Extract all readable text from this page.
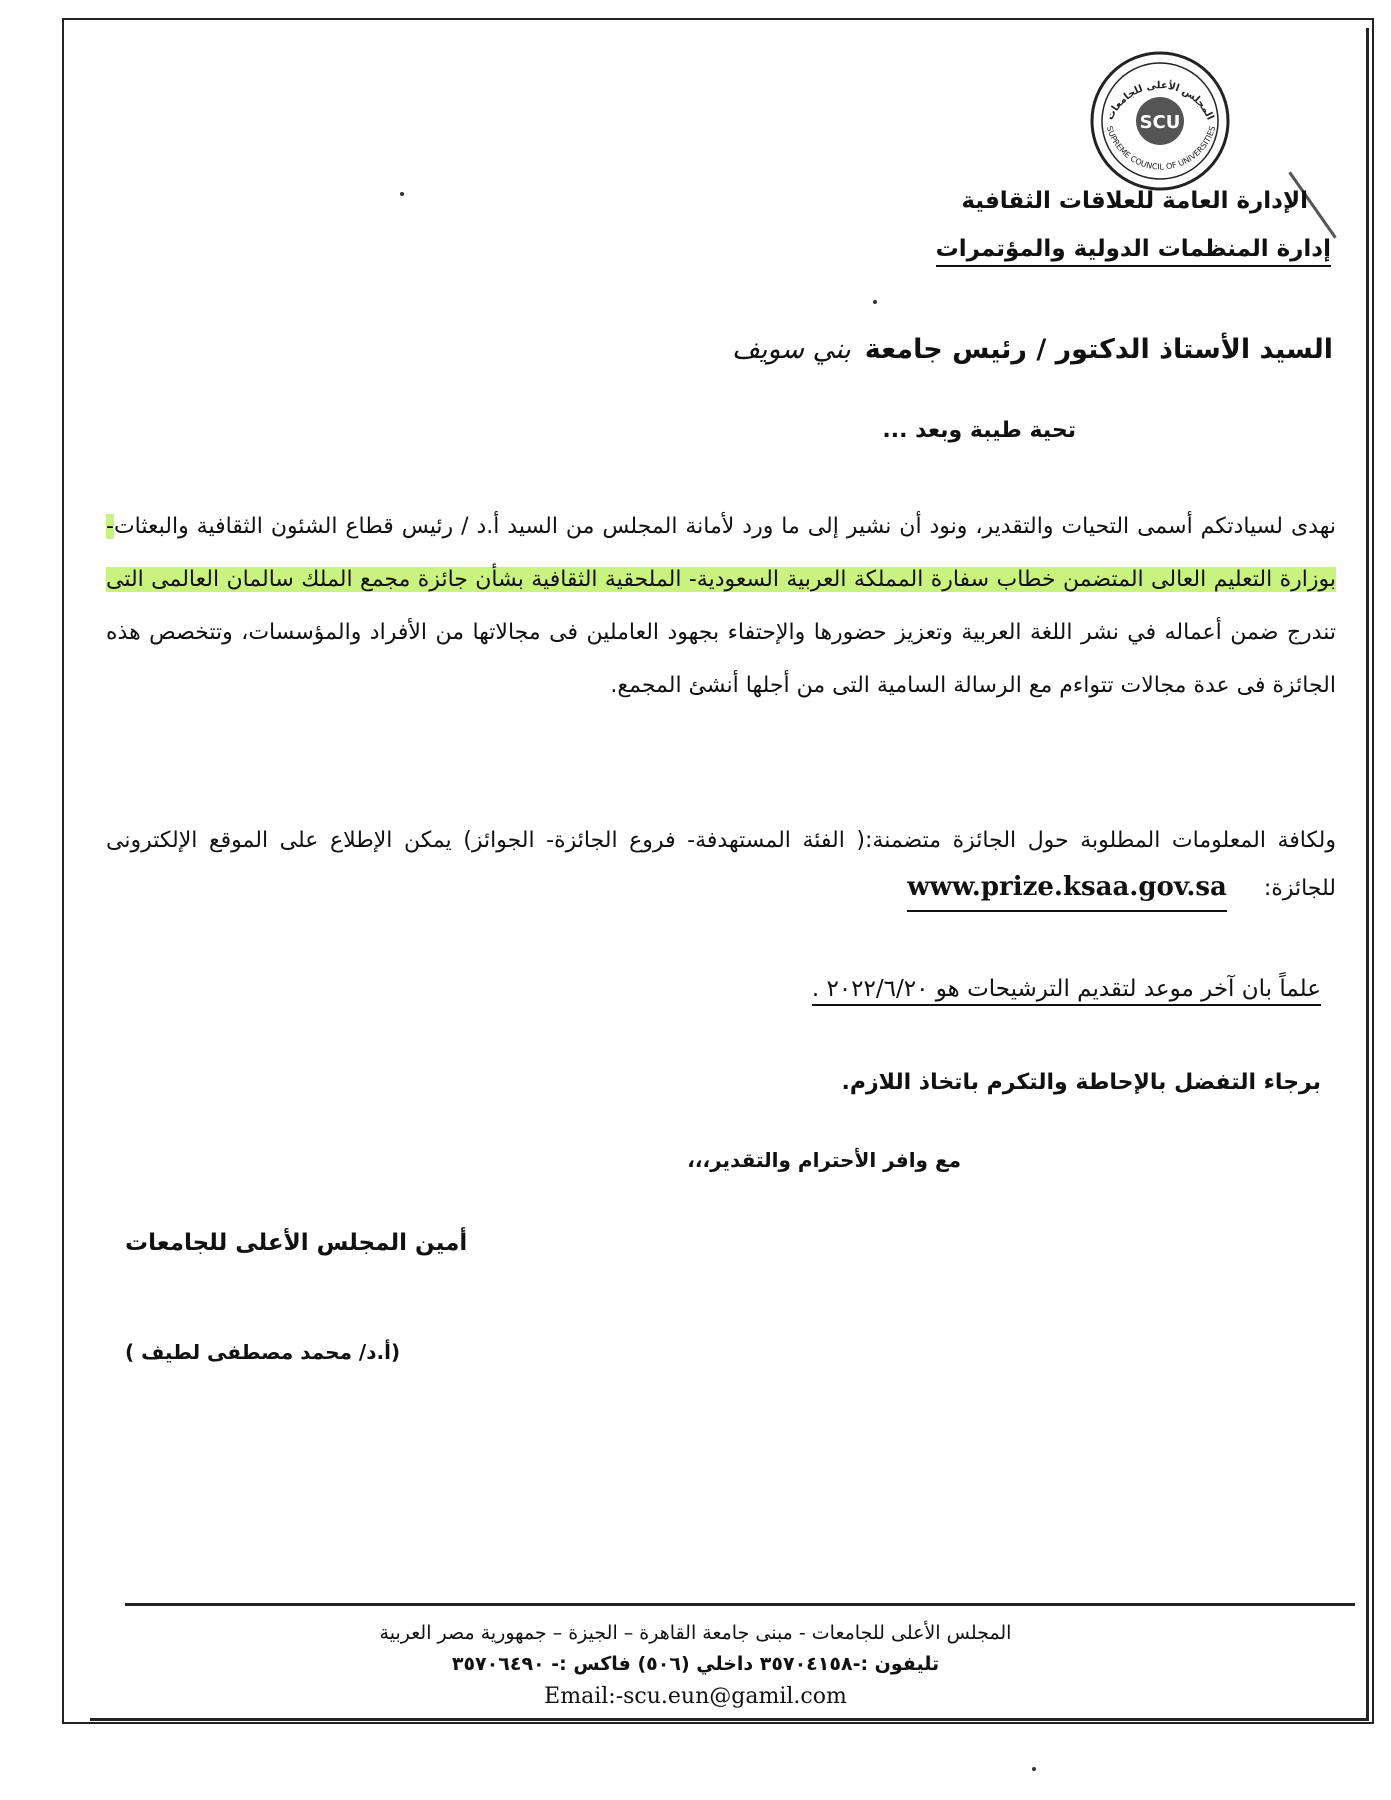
SCU
المجلس الأعلى للجامعات
SUPREME COUNCIL OF UNIVERSITIES
الإدارة العامة للعلاقات الثقافية
إدارة المنظمات الدولية والمؤتمرات
السيد الأستاذ الدكتور / رئيس جامعةبني سويف
تحية طيبة وبعد ...
نهدى لسيادتكم أسمى التحيات والتقدير، ونود أن نشير إلى ما ورد لأمانة المجلس من السيد أ.د / رئيس قطاع الشئون الثقافية والبعثات- بوزارة التعليم العالى المتضمن خطاب سفارة المملكة العربية السعودية- الملحقية الثقافية بشأن جائزة مجمع الملك سالمان العالمى التى تندرج ضمن أعماله في نشر اللغة العربية وتعزيز حضورها والإحتفاء بجهود العاملين فى مجالاتها من الأفراد والمؤسسات، وتتخصص هذه الجائزة فى عدة مجالات تتواءم مع الرسالة السامية التى من أجلها أنشئ المجمع.
ولكافة المعلومات المطلوبة حول الجائزة متضمنة:( الفئة المستهدفة- فروع الجائزة- الجوائز) يمكن الإطلاع على الموقع الإلكترونى للجائزة: www.prize.ksaa.gov.sa
علماً بان آخر موعد لتقديم الترشيحات هو ٢٠٢٢/٦/٢٠ .
برجاء التفضل بالإحاطة والتكرم باتخاذ اللازم.
مع وافر الأحترام والتقدير،،،
أمين المجلس الأعلى للجامعات
(أ.د/ محمد مصطفى لطيف )
المجلس الأعلى للجامعات - مبنى جامعة القاهرة – الجيزة – جمهورية مصر العربية
تليفون :-٣٥٧٠٤١٥٨ داخلي (٥٠٦) فاكس :- ٣٥٧٠٦٤٩٠
Email:-scu.eun@gamil.com
